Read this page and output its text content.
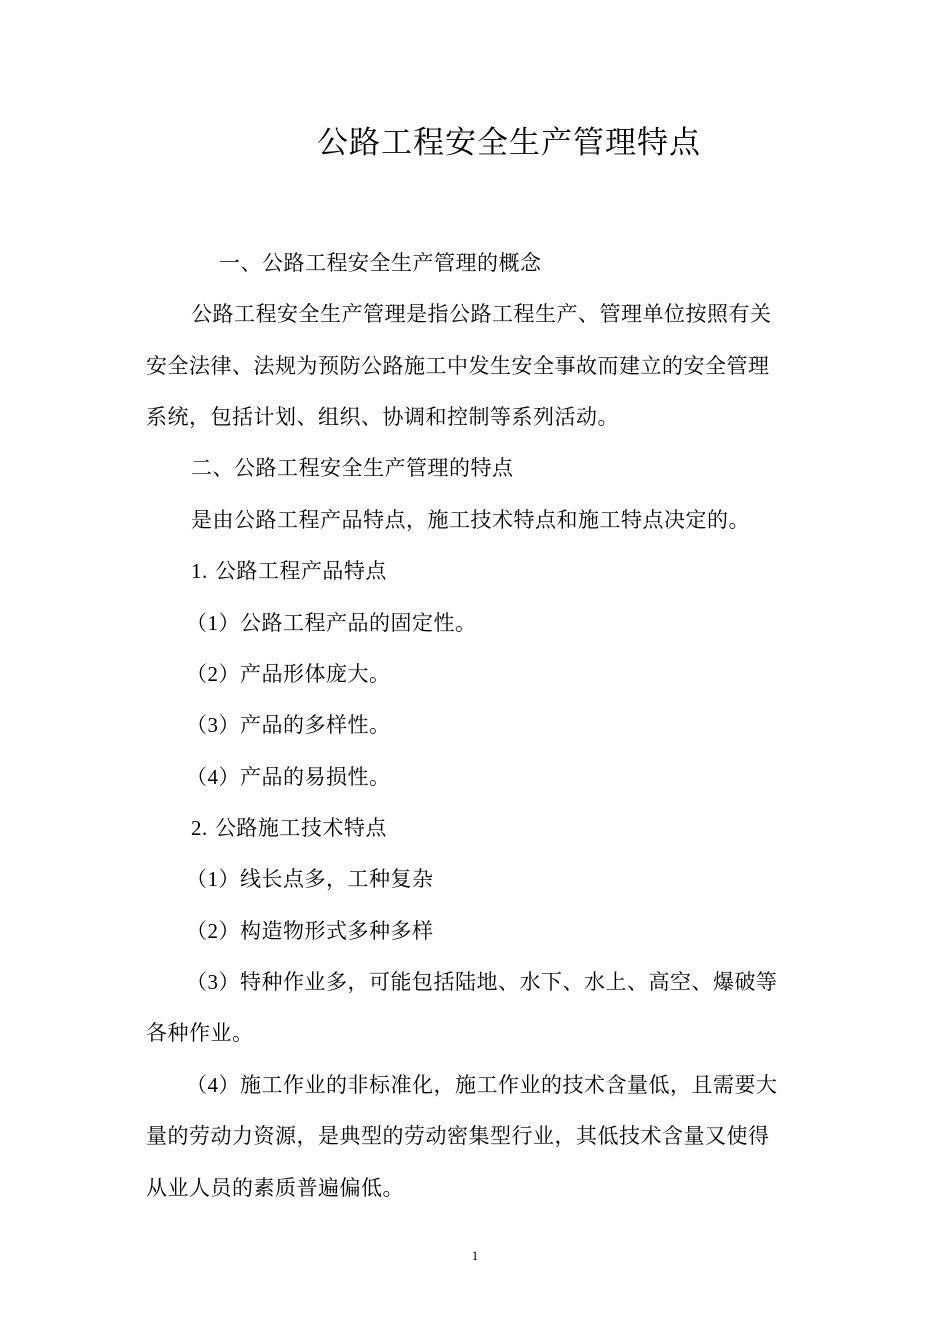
公路工程安全生产管理特点
一、公路工程安全生产管理的概念
公路工程安全生产管理是指公路工程生产、管理单位按照有关
安全法律、法规为预防公路施工中发生安全事故而建立的安全管理
系统，包括计划、组织、协调和控制等系列活动。
二、公路工程安全生产管理的特点
是由公路工程产品特点，施工技术特点和施工特点决定的。
1. 公路工程产品特点
（1）公路工程产品的固定性。
（2）产品形体庞大。
（3）产品的多样性。
（4）产品的易损性。
2. 公路施工技术特点
（1）线长点多，工种复杂
（2）构造物形式多种多样
（3）特种作业多，可能包括陆地、水下、水上、高空、爆破等
各种作业。
（4）施工作业的非标准化，施工作业的技术含量低，且需要大
量的劳动力资源，是典型的劳动密集型行业，其低技术含量又使得
从业人员的素质普遍偏低。
1
